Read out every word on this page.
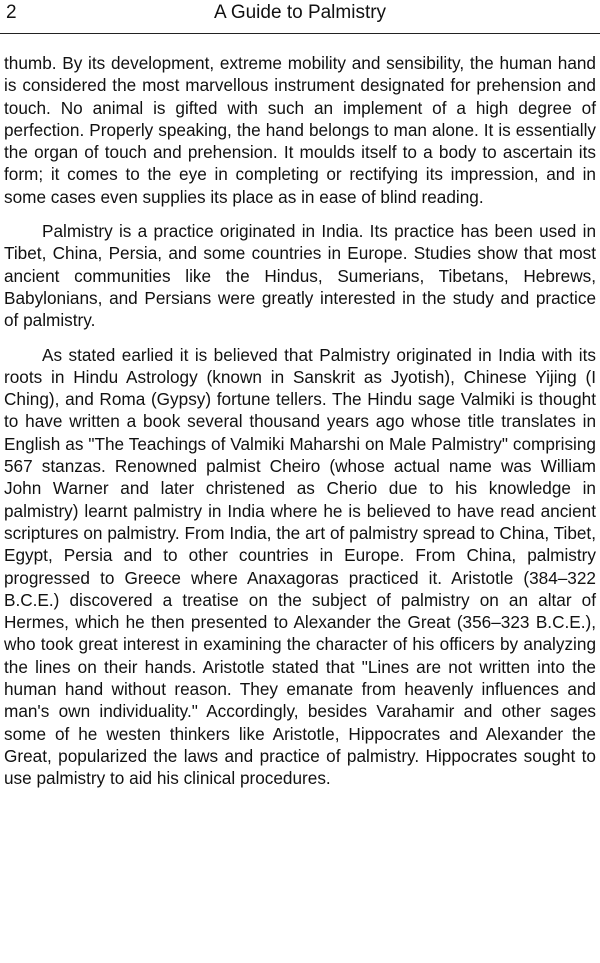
2	A Guide to Palmistry

thumb. By its development, extreme mobility and sensibility, the human hand is considered the most marvellous instrument designated for prehension and touch. No animal is gifted with such an implement of a high degree of perfection. Properly speaking, the hand belongs to man alone. It is essentially the organ of touch and prehension. It moulds itself to a body to ascertain its form; it comes to the eye in completing or rectifying its impression, and in some cases even supplies its place as in ease of blind reading.

Palmistry is a practice originated in India. Its practice has been used in Tibet, China, Persia, and some countries in Europe. Studies show that most ancient communities like the Hindus, Sumerians, Tibetans, Hebrews, Babylonians, and Persians were greatly interested in the study and practice of palmistry.

As stated earlied it is believed that Palmistry originated in India with its roots in Hindu Astrology (known in Sanskrit as Jyotish), Chinese Yijing (I Ching), and Roma (Gypsy) fortune tellers. The Hindu sage Valmiki is thought to have written a book several thousand years ago whose title translates in English as "The Teachings of Valmiki Maharshi on Male Palmistry" comprising 567 stanzas. Renowned palmist Cheiro (whose actual name was William John Warner and later christened as Cherio due to his knowledge in palmistry) learnt palmistry in India where he is believed to have read ancient scriptures on palmistry. From India, the art of palmistry spread to China, Tibet, Egypt, Persia and to other countries in Europe. From China, palmistry progressed to Greece where Anaxagoras practiced it. Aristotle (384–322 B.C.E.) discovered a treatise on the subject of palmistry on an altar of Hermes, which he then presented to Alexander the Great (356–323 B.C.E.), who took great interest in examining the character of his officers by analyzing the lines on their hands. Aristotle stated that "Lines are not written into the human hand without reason. They emanate from heavenly influences and man's own individuality." Accordingly, besides Varahamir and other sages some of he westen thinkers like Aristotle, Hippocrates and Alexander the Great, popularized the laws and practice of palmistry. Hippocrates sought to use palmistry to aid his clinical procedures.
